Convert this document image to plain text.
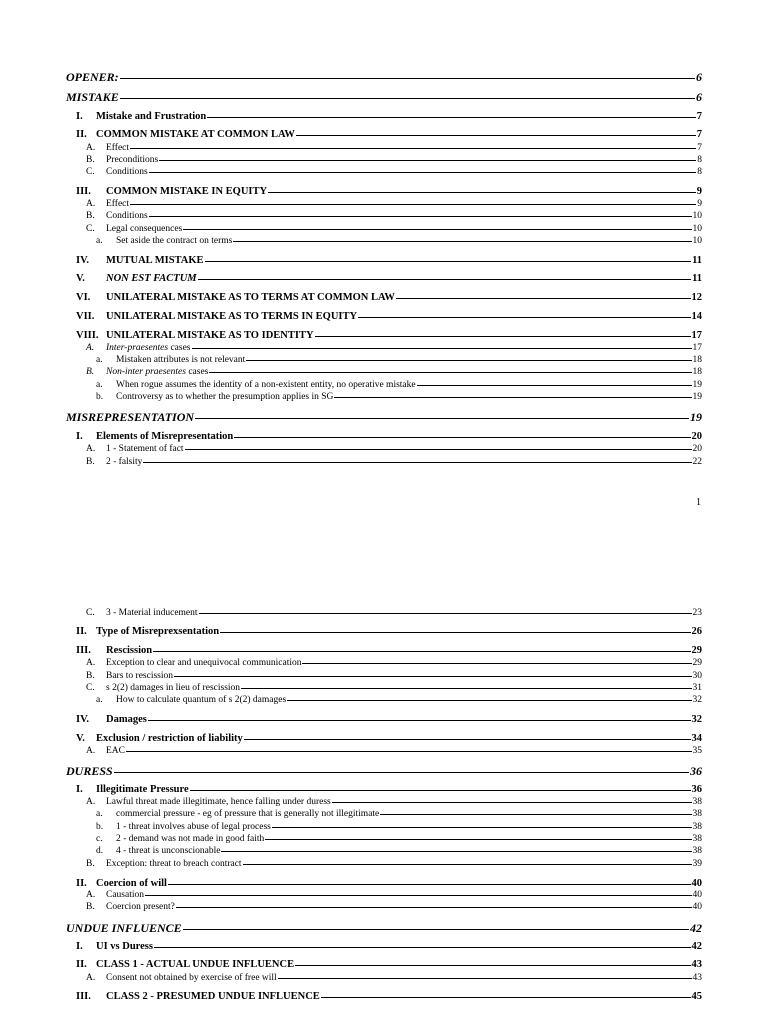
OPENER:	6
MISTAKE	6
I. Mistake and Frustration	7
II. COMMON MISTAKE AT COMMON LAW	7
A. Effect	7
B. Preconditions	8
C. Conditions	8
III. COMMON MISTAKE IN EQUITY	9
A. Effect	9
B. Conditions	10
C. Legal consequences	10
a. Set aside the contract on terms	10
IV. MUTUAL MISTAKE	11
V. NON EST FACTUM	11
VI. UNILATERAL MISTAKE AS TO TERMS AT COMMON LAW	12
VII. UNILATERAL MISTAKE AS TO TERMS IN EQUITY	14
VIII. UNILATERAL MISTAKE AS TO IDENTITY	17
A. Inter-praesentes cases	17
a. Mistaken attributes is not relevant	18
B. Non-inter praesentes cases	18
a. When rogue assumes the identity of a non-existent entity, no operative mistake	19
b. Controversy as to whether the presumption applies in SG	19
MISREPRESENTATION	19
I. Elements of Misrepresentation	20
A. 1 - Statement of fact	20
B. 2 - falsity	22
1
C. 3 - Material inducement	23
II. Type of Misreprexsentation	26
III. Rescission	29
A. Exception to clear and unequivocal communication	29
B. Bars to rescission	30
C. s 2(2) damages in lieu of rescission	31
a. How to calculate quantum of s 2(2) damages	32
IV. Damages	32
V. Exclusion / restriction of liability	34
A. EAC	35
DURESS	36
I. Illegitimate Pressure	36
A. Lawful threat made illegitimate, hence falling under duress	38
a. commercial pressure - eg of pressure that is generally not illegitimate	38
b. 1 - threat involves abuse of legal process	38
c. 2 - demand was not made in good faith	38
d. 4 - threat is unconscionable	38
B. Exception: threat to breach contract	39
II. Coercion of will	40
A. Causation	40
B. Coercion present?	40
UNDUE INFLUENCE	42
I. UI vs Duress	42
II. CLASS 1 - ACTUAL UNDUE INFLUENCE	43
A. Consent not obtained by exercise of free will	43
III. CLASS 2 - PRESUMED UNDUE INFLUENCE	45
